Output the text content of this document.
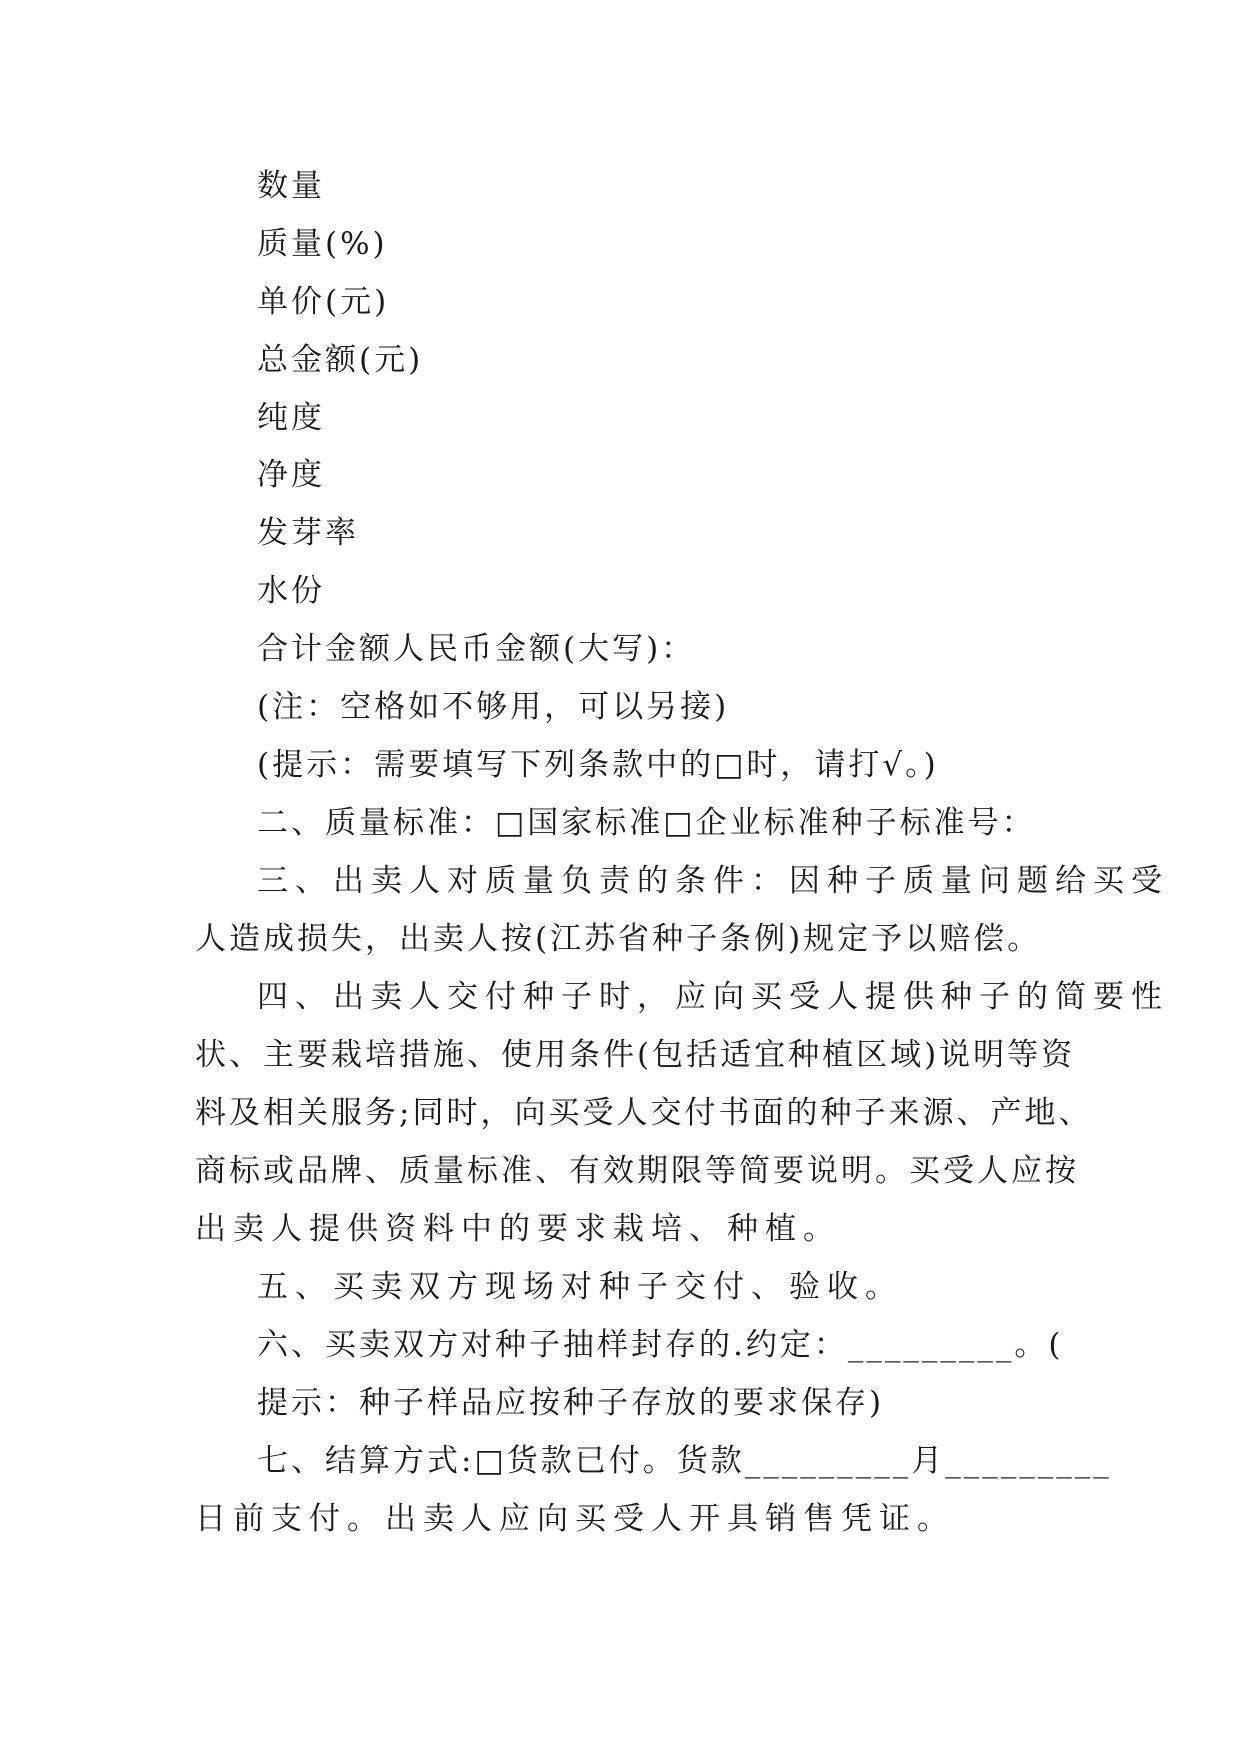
数量
质量(%)
单价(元)
总金额(元)
纯度
净度
发芽率
水份
合计金额人民币金额(大写)：
(注：空格如不够用，可以另接)
(提示：需要填写下列条款中的□时，请打√。)
二、质量标准：□国家标准□企业标准种子标准号：
三、出卖人对质量负责的条件：因种子质量问题给买受
人造成损失，出卖人按(江苏省种子条例)规定予以赔偿。
四、出卖人交付种子时，应向买受人提供种子的简要性
状、主要栽培措施、使用条件(包括适宜种植区域)说明等资
料及相关服务;同时，向买受人交付书面的种子来源、产地、
商标或品牌、质量标准、有效期限等简要说明。买受人应按
出卖人提供资料中的要求栽培、种植。
五、买卖双方现场对种子交付、验收。
六、买卖双方对种子抽样封存的.约定：_________。(
提示：种子样品应按种子存放的要求保存)
七、结算方式:□货款已付。货款_________月_________
日前支付。出卖人应向买受人开具销售凭证。
